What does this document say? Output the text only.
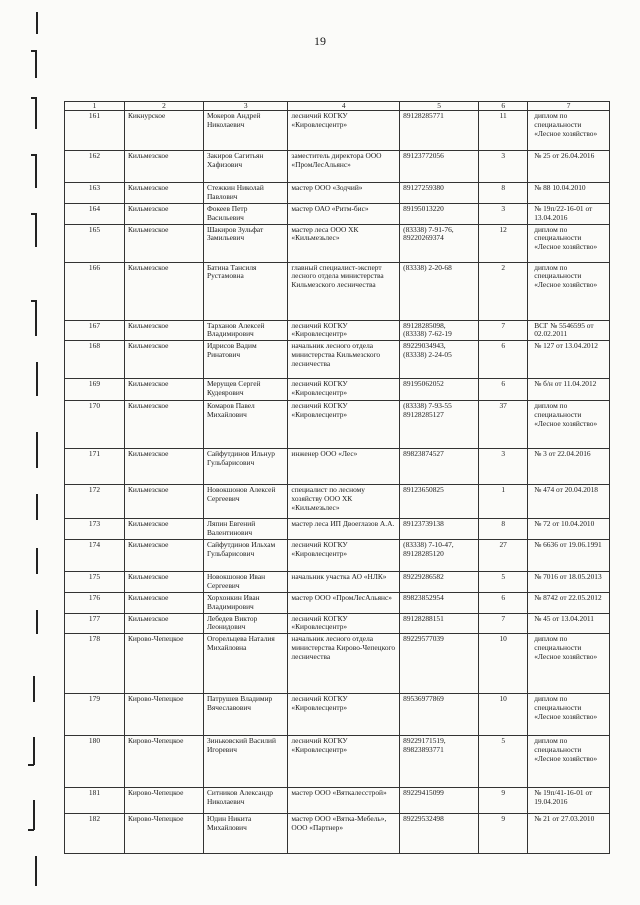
19
1	2	3	4	5	6	7
161	Кикнурское	Мокеров Андрей Николаевич	лесничий КОГКУ «Кировлесцентр»	89128285771	11	диплом по специальности «Лесное хозяйство»
162	Кильмезское	Закиров Сагитьян Хафизович	заместитель директора ООО «ПромЛесАльянс»	89123772056	3	№ 25 от 26.04.2016
163	Кильмезское	Стежкин Николай Павлович	мастер ООО «Зодчий»	89127259380	8	№ 88 10.04.2010
164	Кильмезское	Фокеев Петр Васильевич	мастер ОАО «Ритм-бис»	89195013220	3	№ 19п/22-16-01 от 13.04.2016
165	Кильмезское	Шакиров Зульфат Замильевич	мастер леса ООО ХК «Кильмезьлес»	(83338) 7-91-76,
89220269374	12	диплом по специальности «Лесное хозяйство»
166	Кильмезское	Батина Тансиля Рустамовна	главный специалист-эксперт лесного отдела министерства Кильмезского лесничества	(83338) 2-20-68	2	диплом по специальности «Лесное хозяйство»
167	Кильмезское	Тарханов Алексей Владимирович	лесничий КОГКУ «Кировлесцентр»	89128285098,
(83338) 7-62-19	7	ВСГ № 5546595 от 02.02.2011
168	Кильмезское	Идрисов Вадим Ринатович	начальник лесного отдела министерства Кильмезского лесничества	89229034943,
(83338) 2-24-05	6	№ 127 от 13.04.2012
169	Кильмезское	Мерущев Сергей Кудеярович	лесничий КОГКУ «Кировлесцентр»	89195062052	6	№ б/н от 11.04.2012
170	Кильмезское	Комаров Павел Михайлович	лесничий КОГКУ «Кировлесцентр»	(83338) 7-93-55
89128285127	37	диплом по специальности «Лесное хозяйство»
171	Кильмезское	Сайфутдинов Ильнур Гульбарисович	инженер ООО «Лес»	89823874527	3	№ 3 от 22.04.2016
172	Кильмезское	Новокшонов Алексей Сергеевич	специалист по лесному хозяйству ООО ХК «Кильмезьлес»	89123650825	1	№ 474 от 20.04.2018
173	Кильмезское	Ляпин Евгений Валентинович	мастер леса ИП Двоеглазов А.А.	89123739138	8	№ 72 от 10.04.2010
174	Кильмезское	Сайфутдинов Ильхам Гульбарисович	лесничий КОГКУ «Кировлесцентр»	(83338) 7-10-47,
89128285120	27	№ 6636 от 19.06.1991
175	Кильмезское	Новокшонов Иван Сергеевич	начальник участка АО «НЛК»	89229286582	5	№ 7016 от 18.05.2013
176	Кильмезское	Хорхонкин Иван Владимирович	мастер ООО «ПромЛесАльянс»	89823852954	6	№ 8742 от 22.05.2012
177	Кильмезское	Лебедев Виктор Леонидович	лесничий КОГКУ «Кировлесцентр»	89128288151	7	№ 45 от 13.04.2011
178	Кирово-Чепецкое	Огорельцева Наталия Михайловна	начальник лесного отдела министерства Кирово-Чепецкого лесничества	89229577039	10	диплом по специальности «Лесное хозяйство»
179	Кирово-Чепецкое	Патрушев Владимир Вячеславович	лесничий КОГКУ «Кировлесцентр»	89536977869	10	диплом по специальности «Лесное хозяйство»
180	Кирово-Чепецкое	Зиньковский Василий Игоревич	лесничий КОГКУ «Кировлесцентр»	89229171519,
89823893771	5	диплом по специальности «Лесное хозяйство»
181	Кирово-Чепецкое	Ситников Александр Николаевич	мастер ООО «Вяткалесстрой»	89229415099	9	№ 19п/41-16-01 от 19.04.2016
182	Кирово-Чепецкое	Юдин Никита Михайлович	мастер ООО «Вятка-Мебель», ООО «Партнер»	89229532498	9	№ 21 от 27.03.2010
